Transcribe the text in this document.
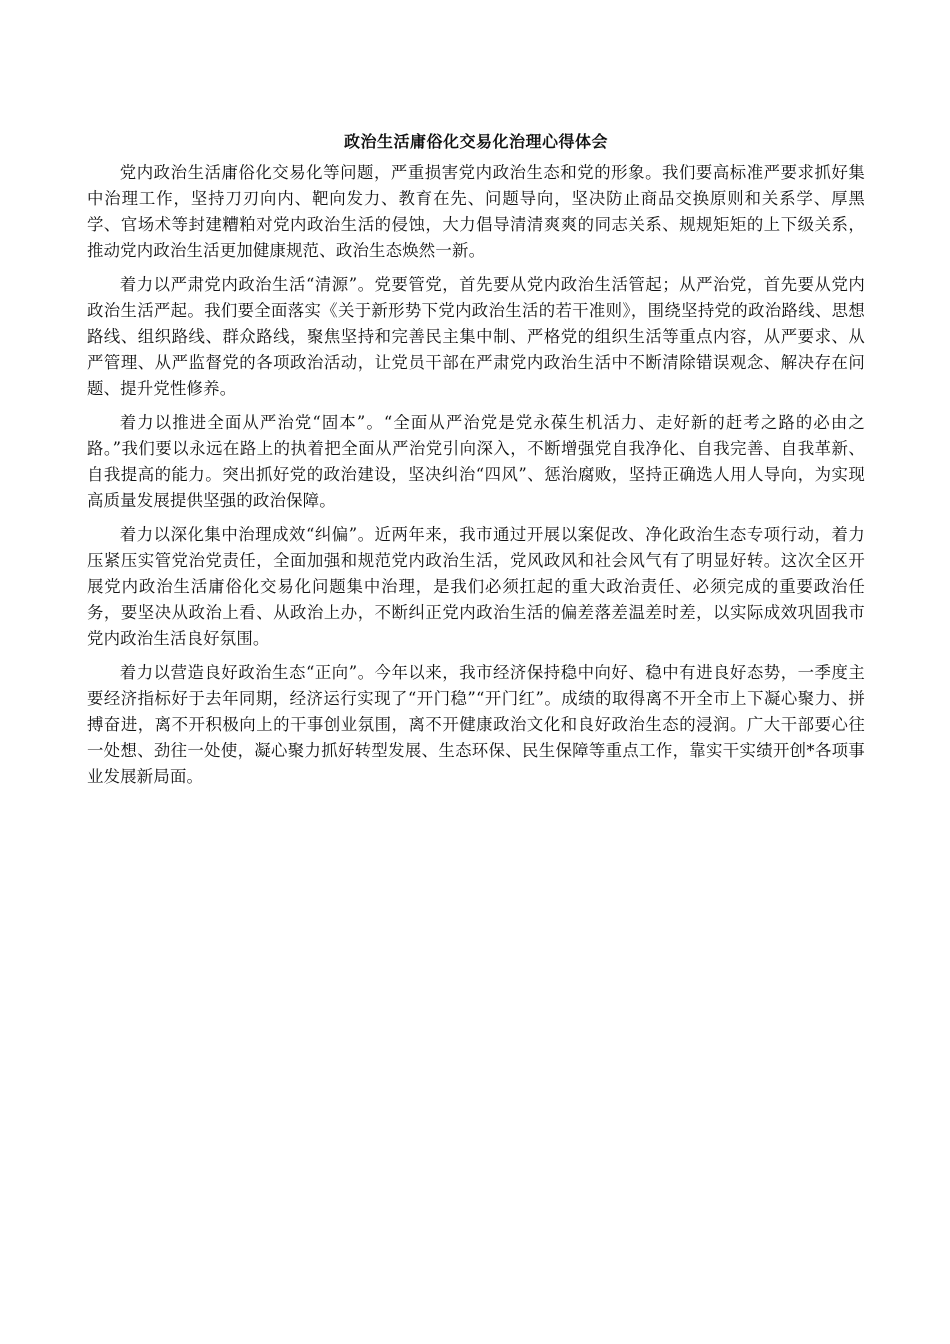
政治生活庸俗化交易化治理心得体会

党内政治生活庸俗化交易化等问题，严重损害党内政治生态和党的形象。我们要高标准严要求抓好集中治理工作，坚持刀刃向内、靶向发力、教育在先、问题导向，坚决防止商品交换原则和关系学、厚黑学、官场术等封建糟粕对党内政治生活的侵蚀，大力倡导清清爽爽的同志关系、规规矩矩的上下级关系，推动党内政治生活更加健康规范、政治生态焕然一新。

着力以严肃党内政治生活“清源”。党要管党，首先要从党内政治生活管起；从严治党，首先要从党内政治生活严起。我们要全面落实《关于新形势下党内政治生活的若干准则》，围绕坚持党的政治路线、思想路线、组织路线、群众路线，聚焦坚持和完善民主集中制、严格党的组织生活等重点内容，从严要求、从严管理、从严监督党的各项政治活动，让党员干部在严肃党内政治生活中不断清除错误观念、解决存在问题、提升党性修养。

着力以推进全面从严治党“固本”。“全面从严治党是党永葆生机活力、走好新的赶考之路的必由之路。”我们要以永远在路上的执着把全面从严治党引向深入，不断增强党自我净化、自我完善、自我革新、自我提高的能力。突出抓好党的政治建设，坚决纠治“四风”、惩治腐败，坚持正确选人用人导向，为实现高质量发展提供坚强的政治保障。

着力以深化集中治理成效“纠偏”。近两年来，我市通过开展以案促改、净化政治生态专项行动，着力压紧压实管党治党责任，全面加强和规范党内政治生活，党风政风和社会风气有了明显好转。这次全区开展党内政治生活庸俗化交易化问题集中治理，是我们必须扛起的重大政治责任、必须完成的重要政治任务，要坚决从政治上看、从政治上办，不断纠正党内政治生活的偏差落差温差时差，以实际成效巩固我市党内政治生活良好氛围。

着力以营造良好政治生态“正向”。今年以来，我市经济保持稳中向好、稳中有进良好态势，一季度主要经济指标好于去年同期，经济运行实现了“开门稳”“开门红”。成绩的取得离不开全市上下凝心聚力、拼搏奋进，离不开积极向上的干事创业氛围，离不开健康政治文化和良好政治生态的浸润。广大干部要心往一处想、劲往一处使，凝心聚力抓好转型发展、生态环保、民生保障等重点工作，靠实干实绩开创*各项事业发展新局面。
